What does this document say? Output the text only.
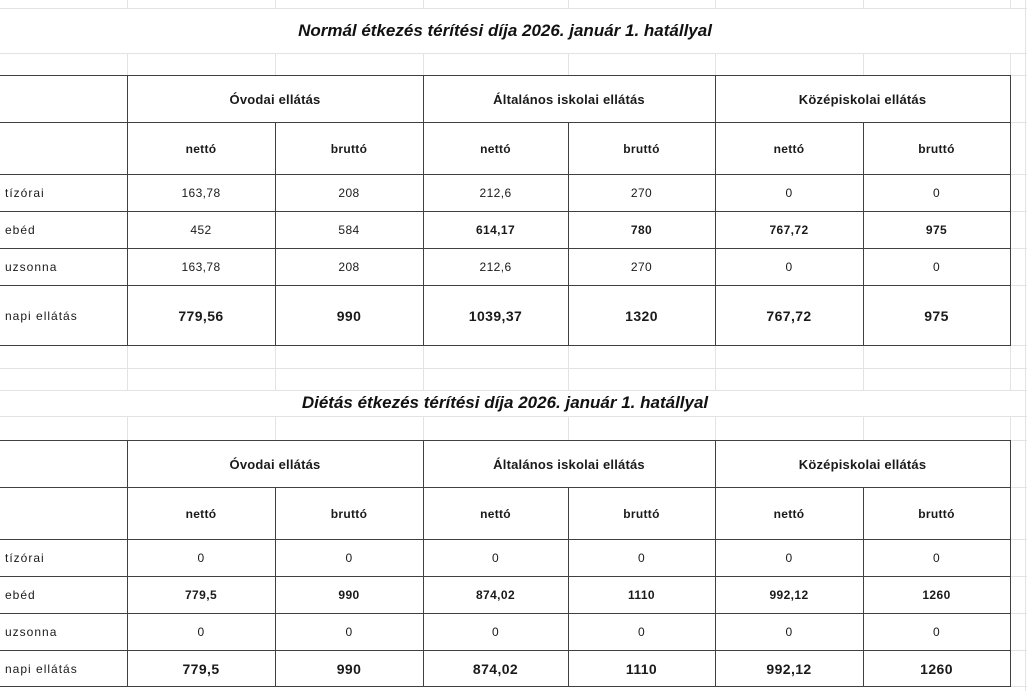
Normál étkezés térítési díja 2026. január 1. hatállyal
	Óvodai ellátás		Általános iskolai ellátás		Középiskolai ellátás	
	nettó	bruttó	nettó	bruttó	nettó	bruttó
tízórai	163,78	208	212,6	270	0	0
ebéd	452	584	614,17	780	767,72	975
uzsonna	163,78	208	212,6	270	0	0
napi ellátás	779,56	990	1039,37	1320	767,72	975
Diétás étkezés térítési díja 2026. január 1. hatállyal
	Óvodai ellátás		Általános iskolai ellátás		Középiskolai ellátás	
	nettó	bruttó	nettó	bruttó	nettó	bruttó
tízórai	0	0	0	0	0	0
ebéd	779,5	990	874,02	1110	992,12	1260
uzsonna	0	0	0	0	0	0
napi ellátás	779,5	990	874,02	1110	992,12	1260
